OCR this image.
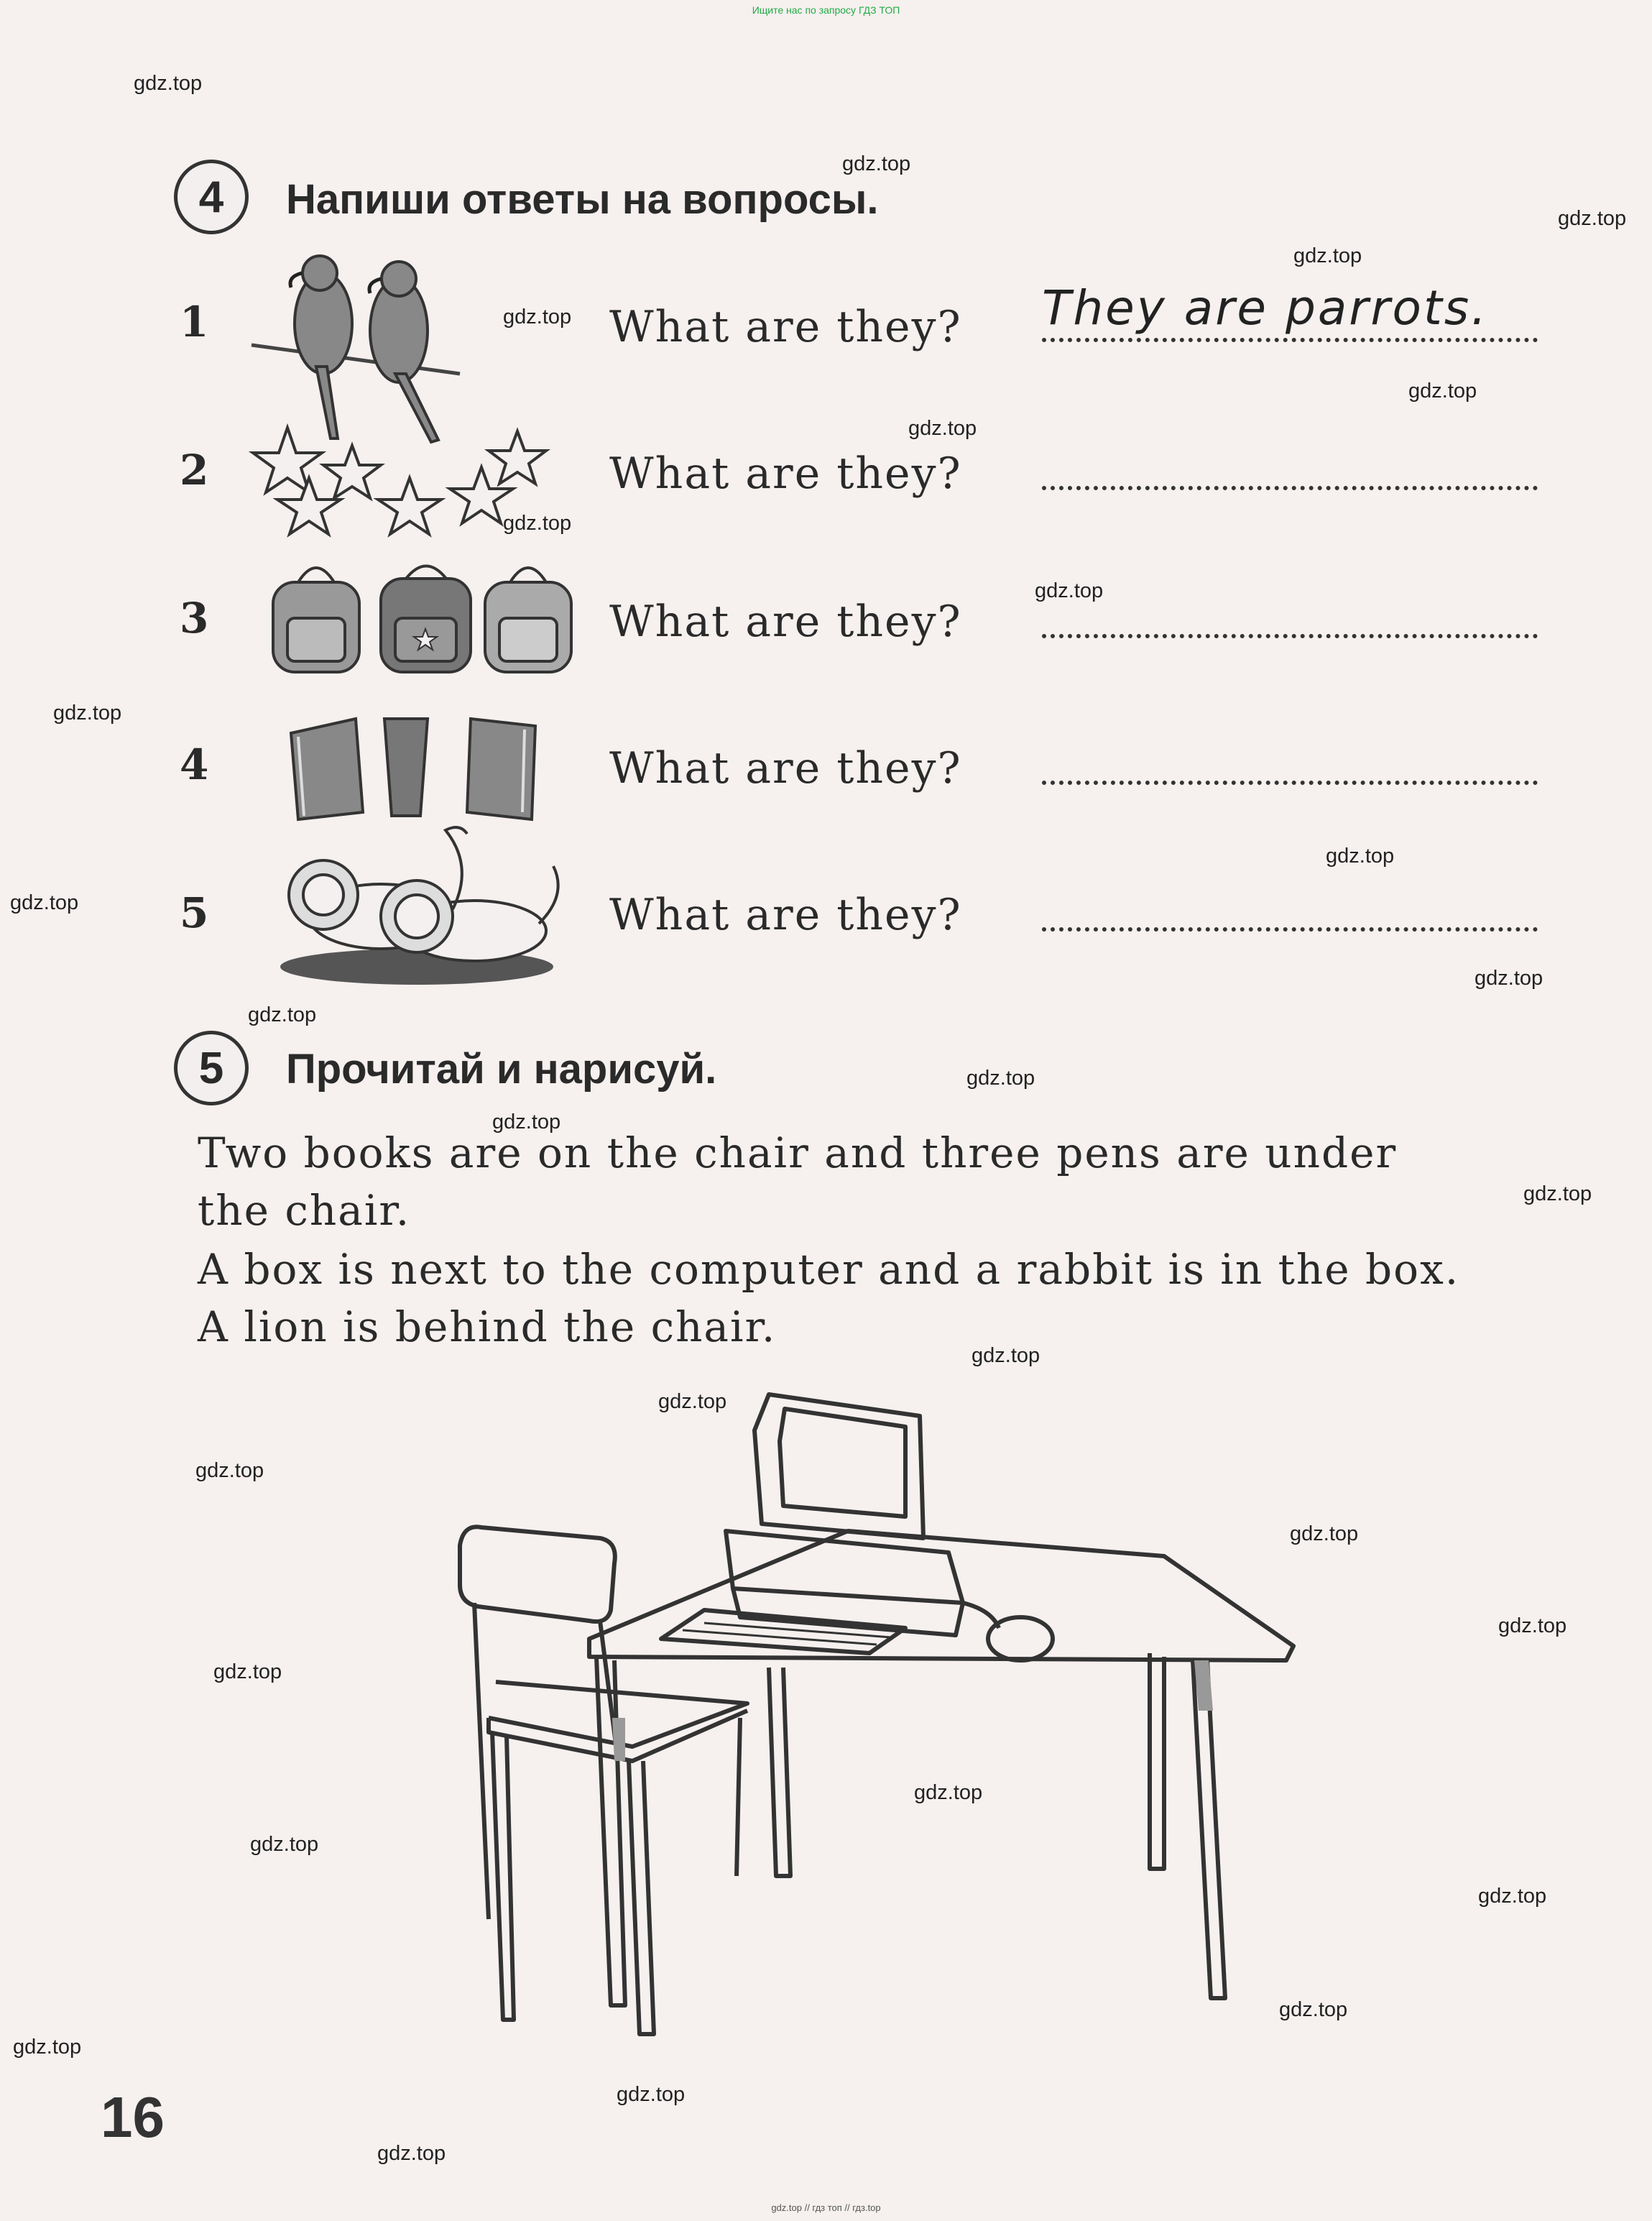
Ищите нас по запросу ГДЗ ТОП
gdz.top // гдз топ // гдз.top
4	Напиши ответы на вопросы.
1	What are they? They are parrots.
2	What are they?
3	What are they?
4	What are they?
5	What are they?
5	Прочитай и нарисуй.
Two books are on the chair and three pens are under
the chair.
A box is next to the computer and a rabbit is in the box.
A lion is behind the chair.
16
gdz.top
gdz.top
gdz.top
gdz.top
gdz.top
gdz.top
gdz.top
gdz.top
gdz.top
gdz.top
gdz.top
gdz.top
gdz.top
gdz.top
gdz.top
gdz.top
gdz.top
gdz.top
gdz.top
gdz.top
gdz.top
gdz.top
gdz.top
gdz.top
gdz.top
gdz.top
gdz.top
gdz.top
gdz.top
gdz.top
